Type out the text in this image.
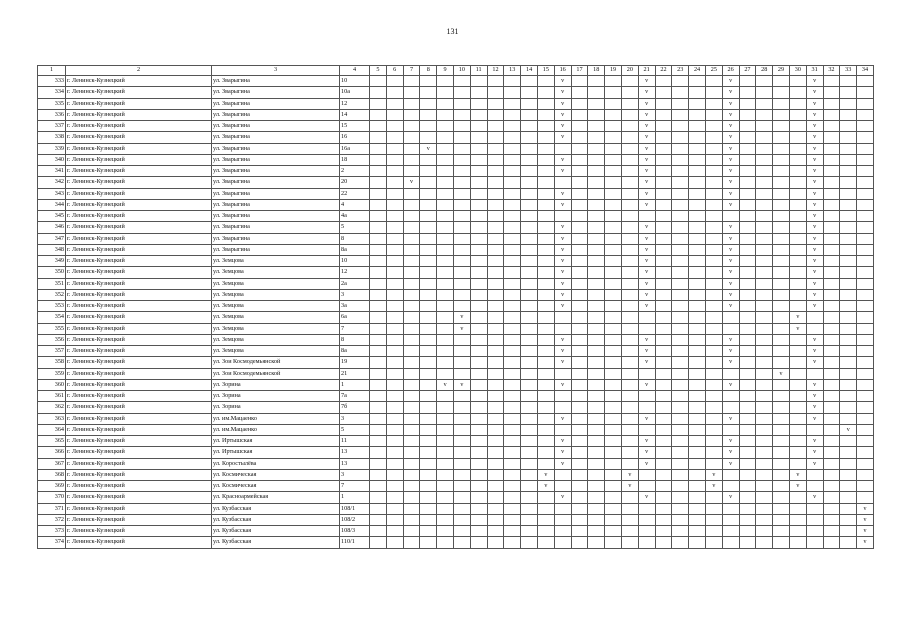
131
1	2	3	4	5	6	7	8	9	10	11	12	13	14	15	16	17	18	19	20	21	22	23	24	25	26	27	28	29	30	31	32	33	34
333	г. Ленинск-Кузнецкий	ул. Зварыгина	10												v					v					v					v			
334	г. Ленинск-Кузнецкий	ул. Зварыгина	10а												v					v					v					v			
335	г. Ленинск-Кузнецкий	ул. Зварыгина	12												v					v					v					v			
336	г. Ленинск-Кузнецкий	ул. Зварыгина	14												v					v					v					v			
337	г. Ленинск-Кузнецкий	ул. Зварыгина	15												v					v					v					v			
338	г. Ленинск-Кузнецкий	ул. Зварыгина	16												v					v					v					v			
339	г. Ленинск-Кузнецкий	ул. Зварыгина	16а				v													v					v					v			
340	г. Ленинск-Кузнецкий	ул. Зварыгина	18												v					v					v					v			
341	г. Ленинск-Кузнецкий	ул. Зварыгина	2												v					v					v					v			
342	г. Ленинск-Кузнецкий	ул. Зварыгина	20			v														v					v					v			
343	г. Ленинск-Кузнецкий	ул. Зварыгина	22												v					v					v					v			
344	г. Ленинск-Кузнецкий	ул. Зварыгина	4												v					v					v					v			
345	г. Ленинск-Кузнецкий	ул. Зварыгина	4а																											v			
346	г. Ленинск-Кузнецкий	ул. Зварыгина	5												v					v					v					v			
347	г. Ленинск-Кузнецкий	ул. Зварыгина	8												v					v					v					v			
348	г. Ленинск-Кузнецкий	ул. Зварыгина	8а												v					v					v					v			
349	г. Ленинск-Кузнецкий	ул. Земцова	10												v					v					v					v			
350	г. Ленинск-Кузнецкий	ул. Земцова	12												v					v					v					v			
351	г. Ленинск-Кузнецкий	ул. Земцова	2а												v					v					v					v			
352	г. Ленинск-Кузнецкий	ул. Земцова	3												v					v					v					v			
353	г. Ленинск-Кузнецкий	ул. Земцова	3а												v					v					v					v			
354	г. Ленинск-Кузнецкий	ул. Земцова	6а						v																				v				
355	г. Ленинск-Кузнецкий	ул. Земцова	7						v																				v				
356	г. Ленинск-Кузнецкий	ул. Земцова	8												v					v					v					v			
357	г. Ленинск-Кузнецкий	ул. Земцова	8а												v					v					v					v			
358	г. Ленинск-Кузнецкий	ул. Зои Космодемьянской	19												v					v					v					v			
359	г. Ленинск-Кузнецкий	ул. Зои Космодемьянской	21																									v					
360	г. Ленинск-Кузнецкий	ул. Зорина	1					v	v						v					v					v					v			
361	г. Ленинск-Кузнецкий	ул. Зорина	7а																											v			
362	г. Ленинск-Кузнецкий	ул. Зорина	7б																											v			
363	г. Ленинск-Кузнецкий	ул. им.Мацаенко	3												v					v					v					v			
364	г. Ленинск-Кузнецкий	ул. им.Мацаенко	5																													v	
365	г. Ленинск-Кузнецкий	ул. Иртышская	11												v					v					v					v			
366	г. Ленинск-Кузнецкий	ул. Иртышская	13												v					v					v					v			
367	г. Ленинск-Кузнецкий	ул. Коростылёва	13												v					v					v					v			
368	г. Ленинск-Кузнецкий	ул. Космическая	3											v					v					v					v				
369	г. Ленинск-Кузнецкий	ул. Космическая	7											v					v					v					v				
370	г. Ленинск-Кузнецкий	ул. Красноармейская	1												v					v					v					v			
371	г. Ленинск-Кузнецкий	ул. Кузбасская	108/1																														v
372	г. Ленинск-Кузнецкий	ул. Кузбасская	108/2																														v
373	г. Ленинск-Кузнецкий	ул. Кузбасская	108/3																														v
374	г. Ленинск-Кузнецкий	ул. Кузбасская	110/1																														v
